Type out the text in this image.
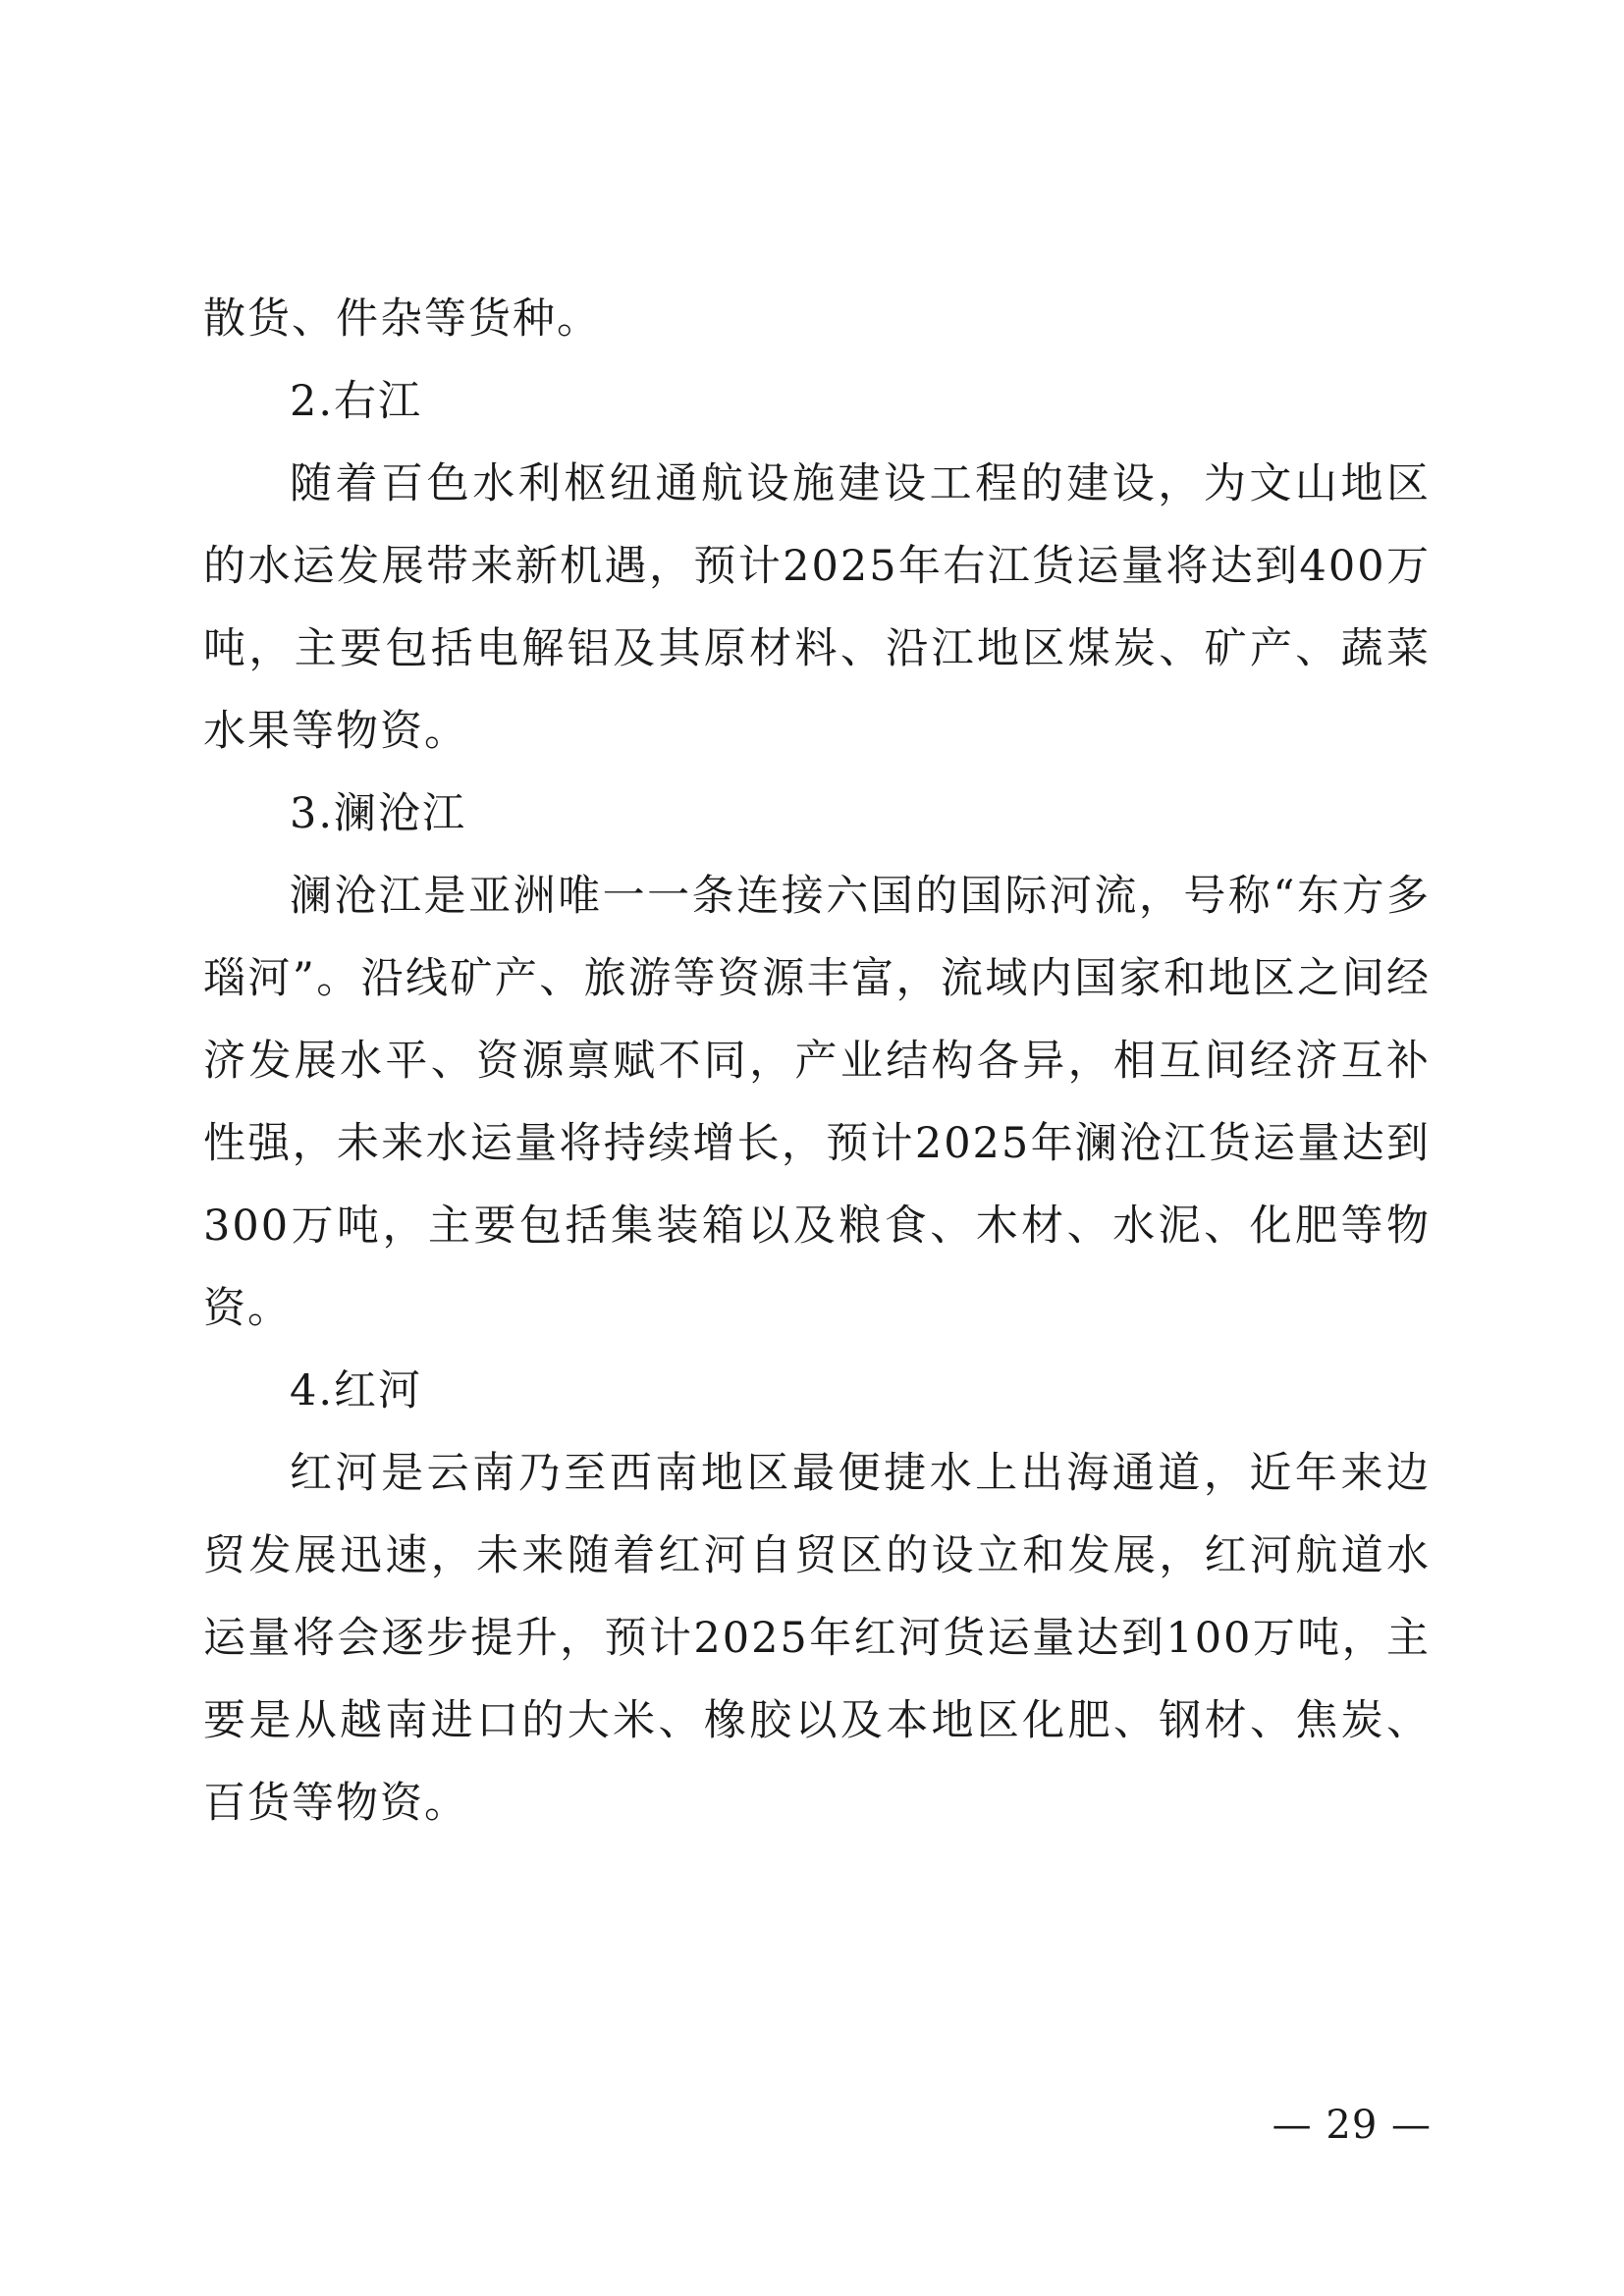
散货、件杂等货种。

2.右江

随着百色水利枢纽通航设施建设工程的建设，为文山地区的水运发展带来新机遇，预计2025年右江货运量将达到400万吨，主要包括电解铝及其原材料、沿江地区煤炭、矿产、蔬菜水果等物资。

3.澜沧江

澜沧江是亚洲唯一一条连接六国的国际河流，号称“东方多瑙河”。沿线矿产、旅游等资源丰富，流域内国家和地区之间经济发展水平、资源禀赋不同，产业结构各异，相互间经济互补性强，未来水运量将持续增长，预计2025年澜沧江货运量达到300万吨，主要包括集装箱以及粮食、木材、水泥、化肥等物资。

4.红河

红河是云南乃至西南地区最便捷水上出海通道，近年来边贸发展迅速，未来随着红河自贸区的设立和发展，红河航道水运量将会逐步提升，预计2025年红河货运量达到100万吨，主要是从越南进口的大米、橡胶以及本地区化肥、钢材、焦炭、百货等物资。

— 29 —
